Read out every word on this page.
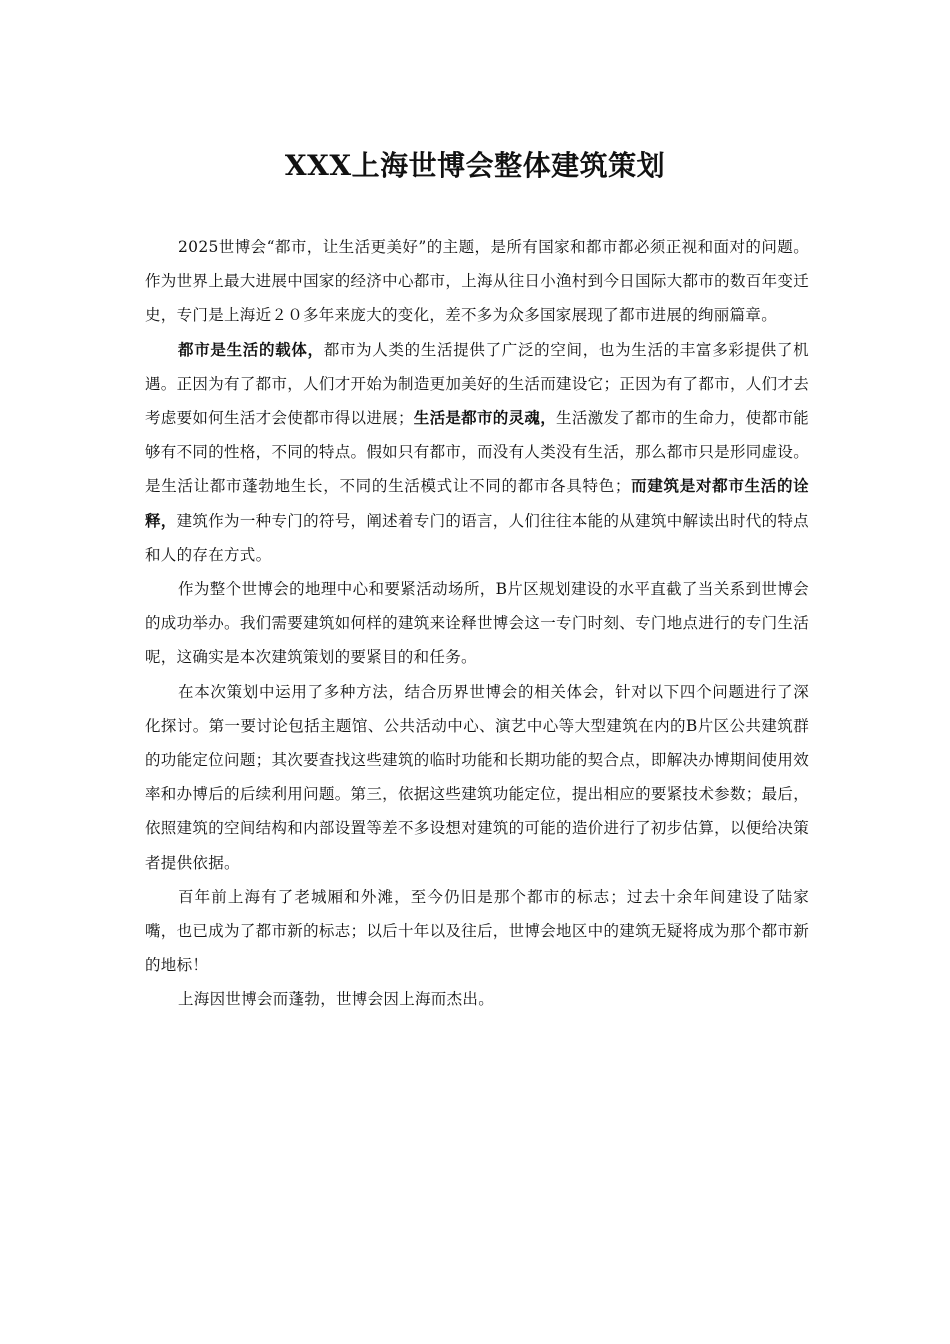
XXX上海世博会整体建筑策划

2025世博会“都市，让生活更美好”的主题，是所有国家和都市都必须正视和面对的问题。作为世界上最大进展中国家的经济中心都市，上海从往日小渔村到今日国际大都市的数百年变迁史，专门是上海近２０多年来庞大的变化，差不多为众多国家展现了都市进展的绚丽篇章。

都市是生活的载体，都市为人类的生活提供了广泛的空间，也为生活的丰富多彩提供了机遇。正因为有了都市，人们才开始为制造更加美好的生活而建设它；正因为有了都市，人们才去考虑要如何生活才会使都市得以进展；生活是都市的灵魂，生活激发了都市的生命力，使都市能够有不同的性格，不同的特点。假如只有都市，而没有人类没有生活，那么都市只是形同虚设。是生活让都市蓬勃地生长，不同的生活模式让不同的都市各具特色；而建筑是对都市生活的诠释，建筑作为一种专门的符号，阐述着专门的语言，人们往往本能的从建筑中解读出时代的特点和人的存在方式。

作为整个世博会的地理中心和要紧活动场所，B片区规划建设的水平直截了当关系到世博会的成功举办。我们需要建筑如何样的建筑来诠释世博会这一专门时刻、专门地点进行的专门生活呢，这确实是本次建筑策划的要紧目的和任务。

在本次策划中运用了多种方法，结合历界世博会的相关体会，针对以下四个问题进行了深化探讨。第一要讨论包括主题馆、公共活动中心、演艺中心等大型建筑在内的B片区公共建筑群的功能定位问题；其次要查找这些建筑的临时功能和长期功能的契合点，即解决办博期间使用效率和办博后的后续利用问题。第三，依据这些建筑功能定位，提出相应的要紧技术参数；最后，依照建筑的空间结构和内部设置等差不多设想对建筑的可能的造价进行了初步估算，以便给决策者提供依据。

百年前上海有了老城厢和外滩，至今仍旧是那个都市的标志；过去十余年间建设了陆家嘴，也已成为了都市新的标志；以后十年以及往后，世博会地区中的建筑无疑将成为那个都市新的地标！

上海因世博会而蓬勃，世博会因上海而杰出。
